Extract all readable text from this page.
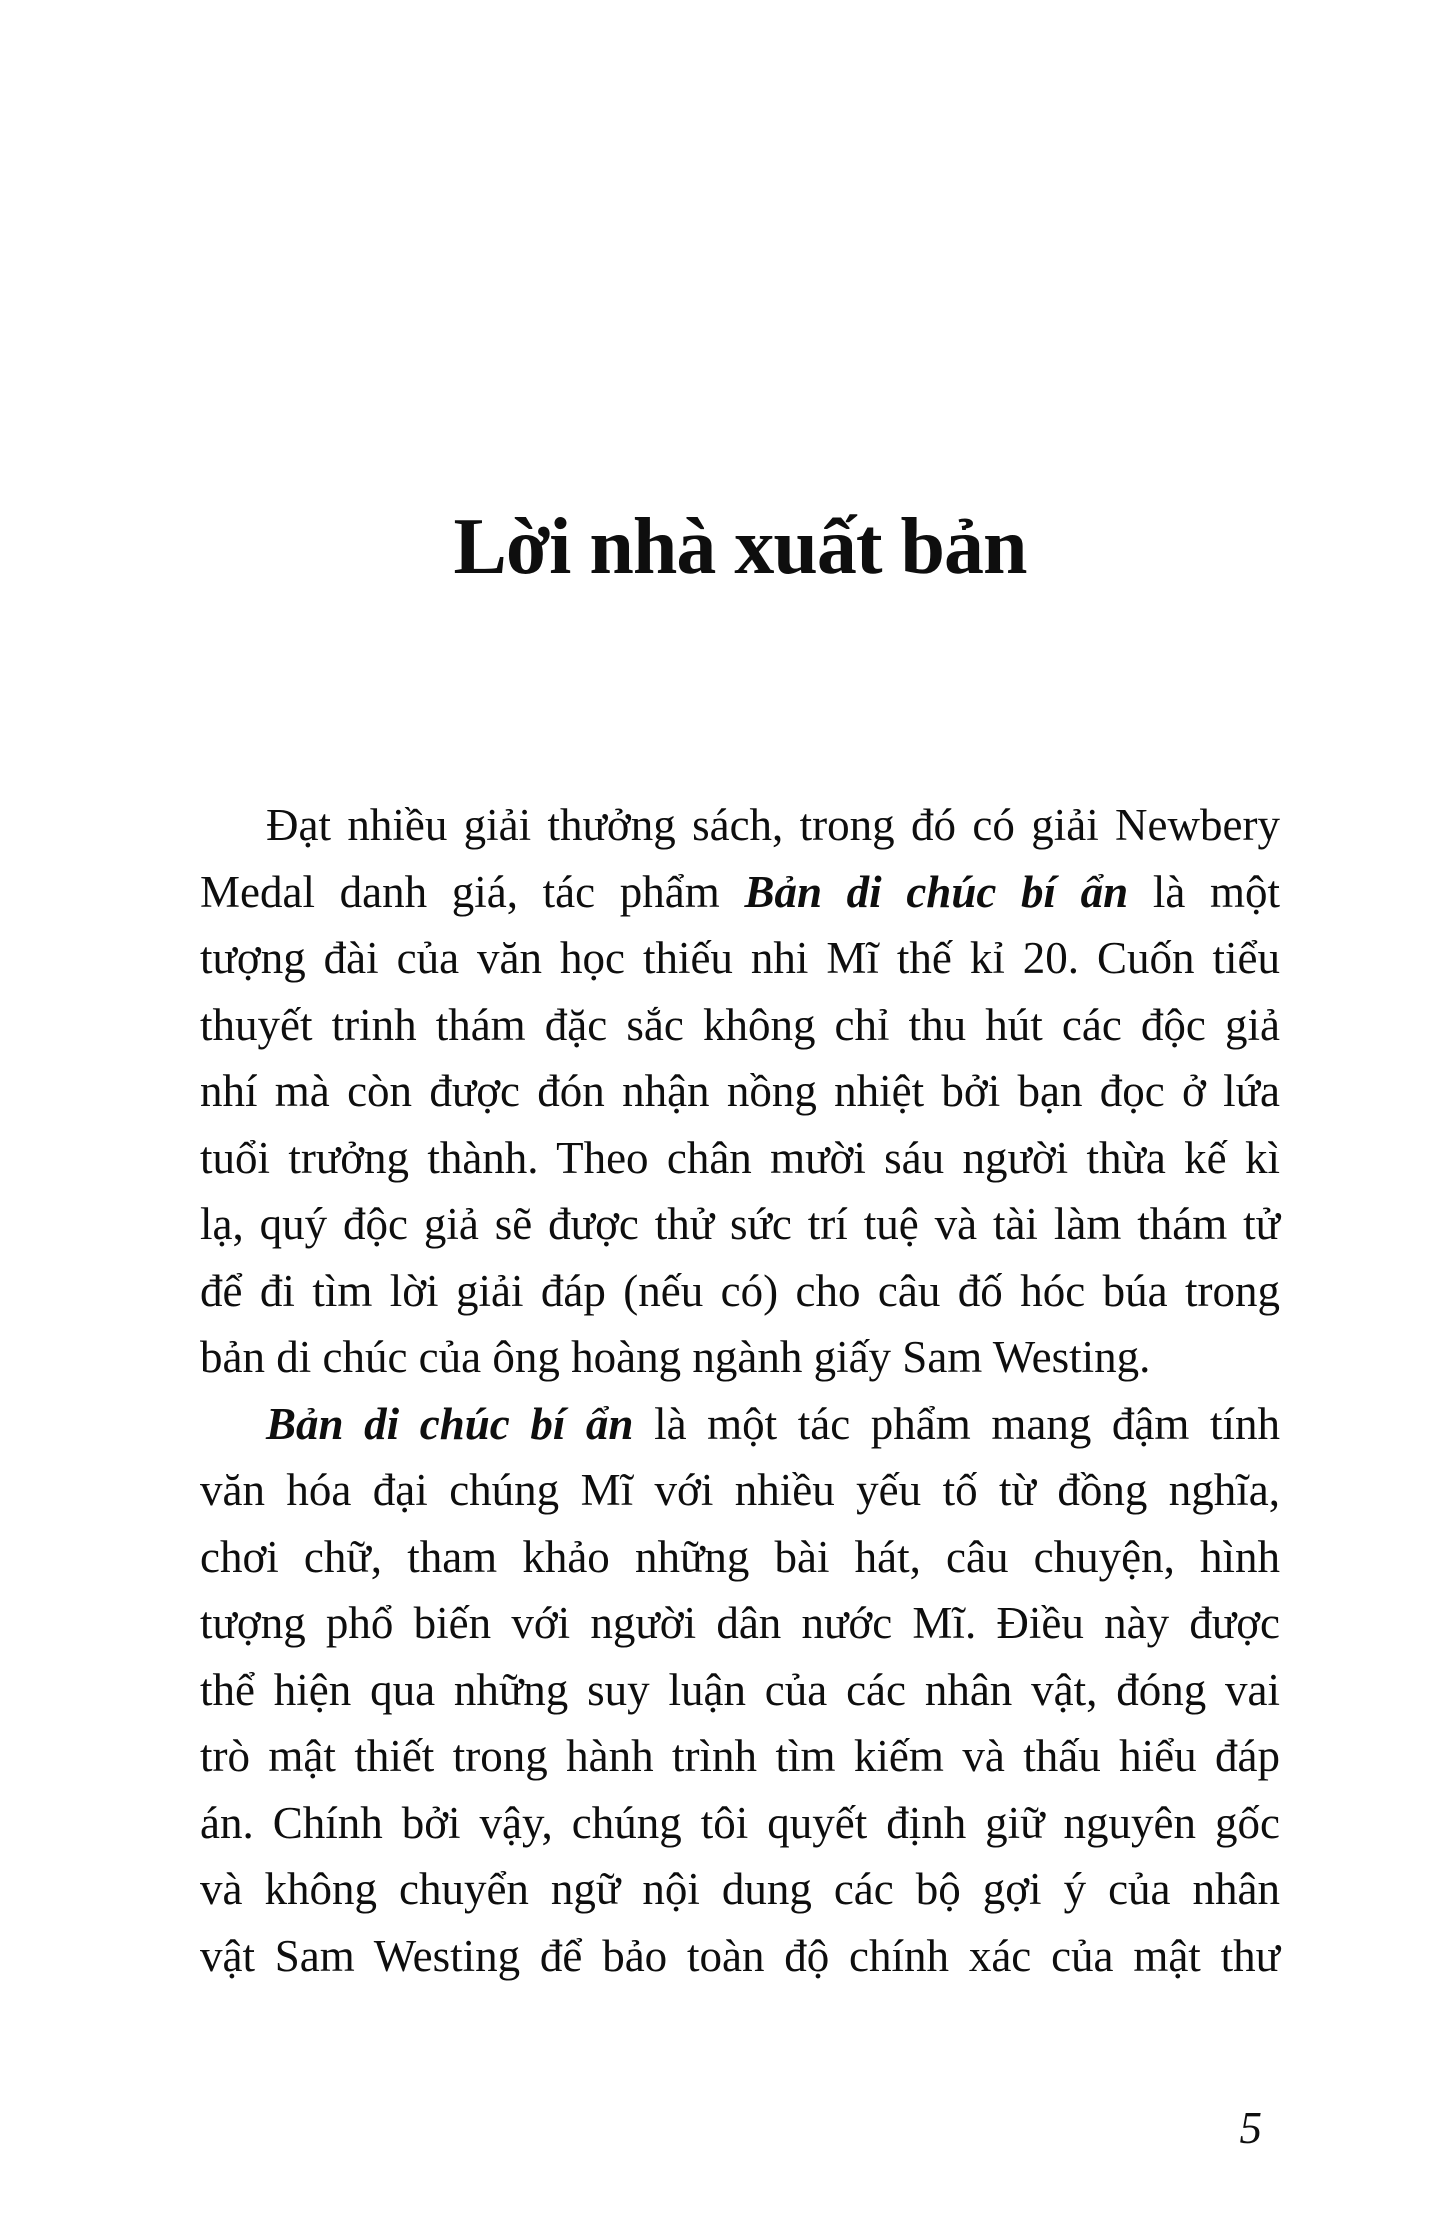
Lời nhà xuất bản
Đạt nhiều giải thưởng sách, trong đó có giải Newbery
Medal danh giá, tác phẩm Bản di chúc bí ẩn là một
tượng đài của văn học thiếu nhi Mĩ thế kỉ 20. Cuốn tiểu
thuyết trinh thám đặc sắc không chỉ thu hút các độc giả
nhí mà còn được đón nhận nồng nhiệt bởi bạn đọc ở lứa
tuổi trưởng thành. Theo chân mười sáu người thừa kế kì
lạ, quý độc giả sẽ được thử sức trí tuệ và tài làm thám tử
để đi tìm lời giải đáp (nếu có) cho câu đố hóc búa trong
bản di chúc của ông hoàng ngành giấy Sam Westing.
Bản di chúc bí ẩn là một tác phẩm mang đậm tính
văn hóa đại chúng Mĩ với nhiều yếu tố từ đồng nghĩa,
chơi chữ, tham khảo những bài hát, câu chuyện, hình
tượng phổ biến với người dân nước Mĩ. Điều này được
thể hiện qua những suy luận của các nhân vật, đóng vai
trò mật thiết trong hành trình tìm kiếm và thấu hiểu đáp
án. Chính bởi vậy, chúng tôi quyết định giữ nguyên gốc
và không chuyển ngữ nội dung các bộ gợi ý của nhân
vật Sam Westing để bảo toàn độ chính xác của mật thư
5
